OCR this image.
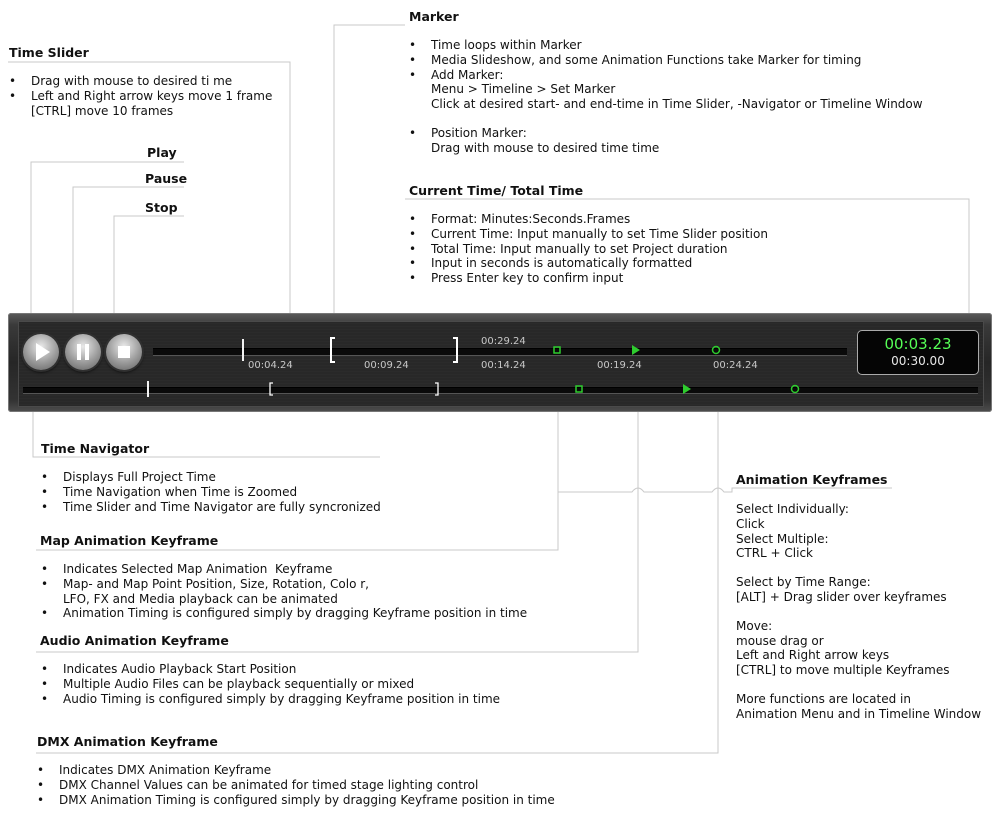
00:29.24
00:04.24	00:09.24	00:14.24	00:19.24	00:24.24
00:03.23
00:30.00
Time Slider
Play
Pause
Stop
Marker
Current Time/ Total Time
Time Navigator
Map Animation Keyframe
Audio Animation Keyframe
DMX Animation Keyframe
Animation Keyframes
• Drag with mouse to desired ti me
• Left and Right arrow keys move 1 frame
[CTRL] move 10 frames
• Time loops within Marker
• Media Slideshow, and some Animation Functions take Marker for timing
• Add Marker:
Menu > Timeline > Set Marker
Click at desired start- and end-time in Time Slider, -Navigator or Timeline Window
• Position Marker:
Drag with mouse to desired time time
• Format: Minutes:Seconds.Frames
• Current Time: Input manually to set Time Slider position
• Total Time: Input manually to set Project duration
• Input in seconds is automatically formatted
• Press Enter key to confirm input
• Displays Full Project Time
• Time Navigation when Time is Zoomed
• Time Slider and Time Navigator are fully syncronized
• Indicates Selected Map Animation  Keyframe
• Map- and Map Point Position, Size, Rotation, Colo r,
LFO, FX and Media playback can be animated
• Animation Timing is configured simply by dragging Keyframe position in time
• Indicates Audio Playback Start Position
• Multiple Audio Files can be playback sequentially or mixed
• Audio Timing is configured simply by dragging Keyframe position in time
• Indicates DMX Animation Keyframe
• DMX Channel Values can be animated for timed stage lighting control
• DMX Animation Timing is configured simply by dragging Keyframe position in time
Select Individually:
Click
Select Multiple:
CTRL + Click
Select by Time Range:
[ALT] + Drag slider over keyframes
Move:
mouse drag or
Left and Right arrow keys
[CTRL] to move multiple Keyframes
More functions are located in
Animation Menu and in Timeline Window
